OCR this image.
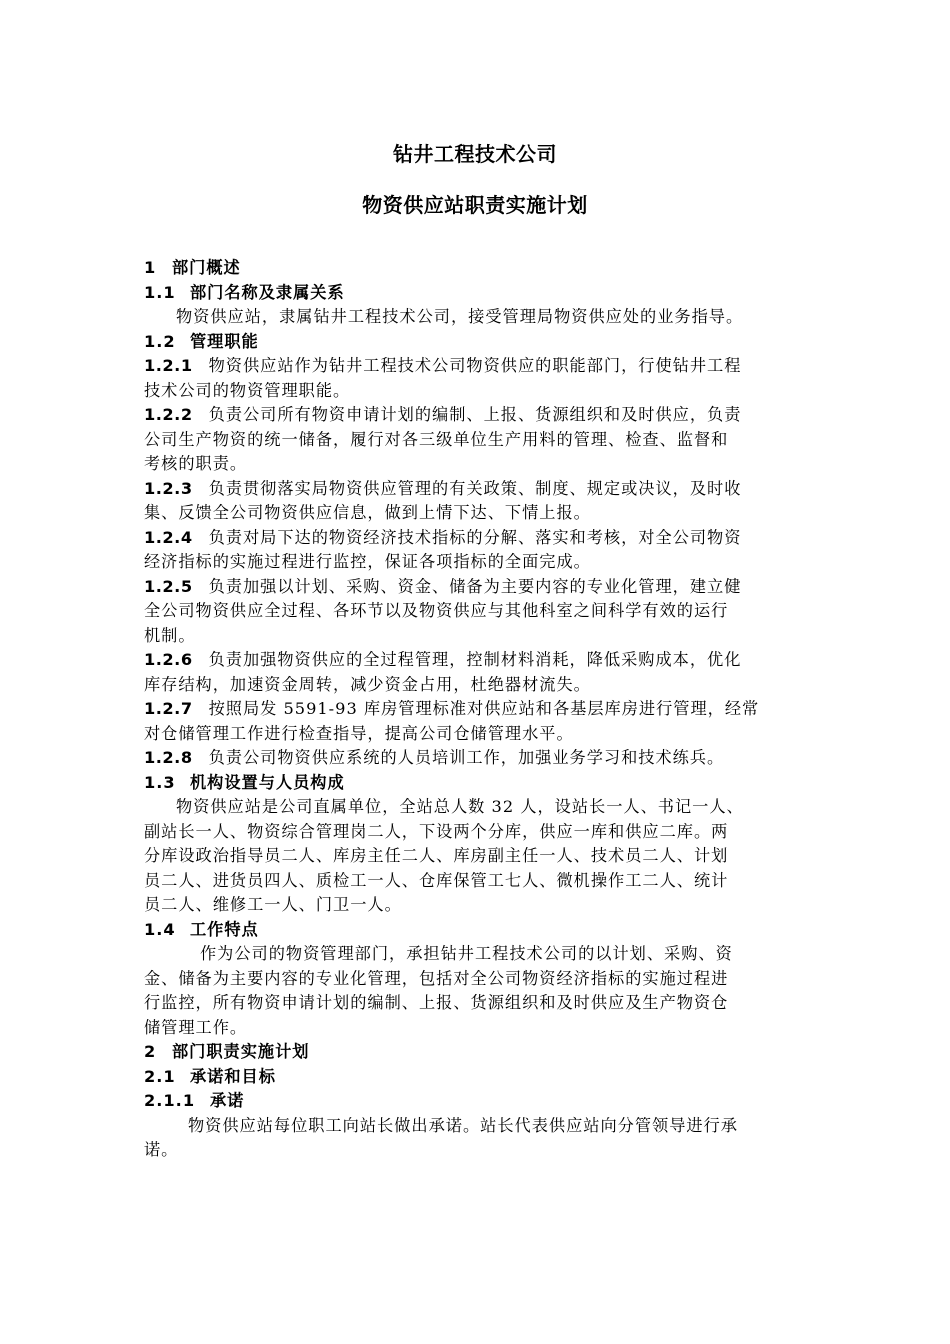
钻井工程技术公司
物资供应站职责实施计划
1 部门概述
1.1 部门名称及隶属关系
物资供应站，隶属钻井工程技术公司，接受管理局物资供应处的业务指导。
1.2 管理职能
1.2.1 物资供应站作为钻井工程技术公司物资供应的职能部门，行使钻井工程
技术公司的物资管理职能。
1.2.2 负责公司所有物资申请计划的编制、上报、货源组织和及时供应，负责
公司生产物资的统一储备，履行对各三级单位生产用料的管理、检查、监督和
考核的职责。
1.2.3 负责贯彻落实局物资供应管理的有关政策、制度、规定或决议，及时收
集、反馈全公司物资供应信息，做到上情下达、下情上报。
1.2.4 负责对局下达的物资经济技术指标的分解、落实和考核，对全公司物资
经济指标的实施过程进行监控，保证各项指标的全面完成。
1.2.5 负责加强以计划、采购、资金、储备为主要内容的专业化管理，建立健
全公司物资供应全过程、各环节以及物资供应与其他科室之间科学有效的运行
机制。
1.2.6 负责加强物资供应的全过程管理，控制材料消耗，降低采购成本，优化
库存结构，加速资金周转，减少资金占用，杜绝器材流失。
1.2.7 按照局发 5591-93 库房管理标准对供应站和各基层库房进行管理，经常
对仓储管理工作进行检查指导，提高公司仓储管理水平。
1.2.8 负责公司物资供应系统的人员培训工作，加强业务学习和技术练兵。
1.3 机构设置与人员构成
物资供应站是公司直属单位，全站总人数 32 人，设站长一人、书记一人、
副站长一人、物资综合管理岗二人，下设两个分库，供应一库和供应二库。两
分库设政治指导员二人、库房主任二人、库房副主任一人、技术员二人、计划
员二人、进货员四人、质检工一人、仓库保管工七人、微机操作工二人、统计
员二人、维修工一人、门卫一人。
1.4 工作特点
作为公司的物资管理部门，承担钻井工程技术公司的以计划、采购、资
金、储备为主要内容的专业化管理，包括对全公司物资经济指标的实施过程进
行监控，所有物资申请计划的编制、上报、货源组织和及时供应及生产物资仓
储管理工作。
2 部门职责实施计划
2.1 承诺和目标
2.1.1 承诺
物资供应站每位职工向站长做出承诺。站长代表供应站向分管领导进行承
诺。
